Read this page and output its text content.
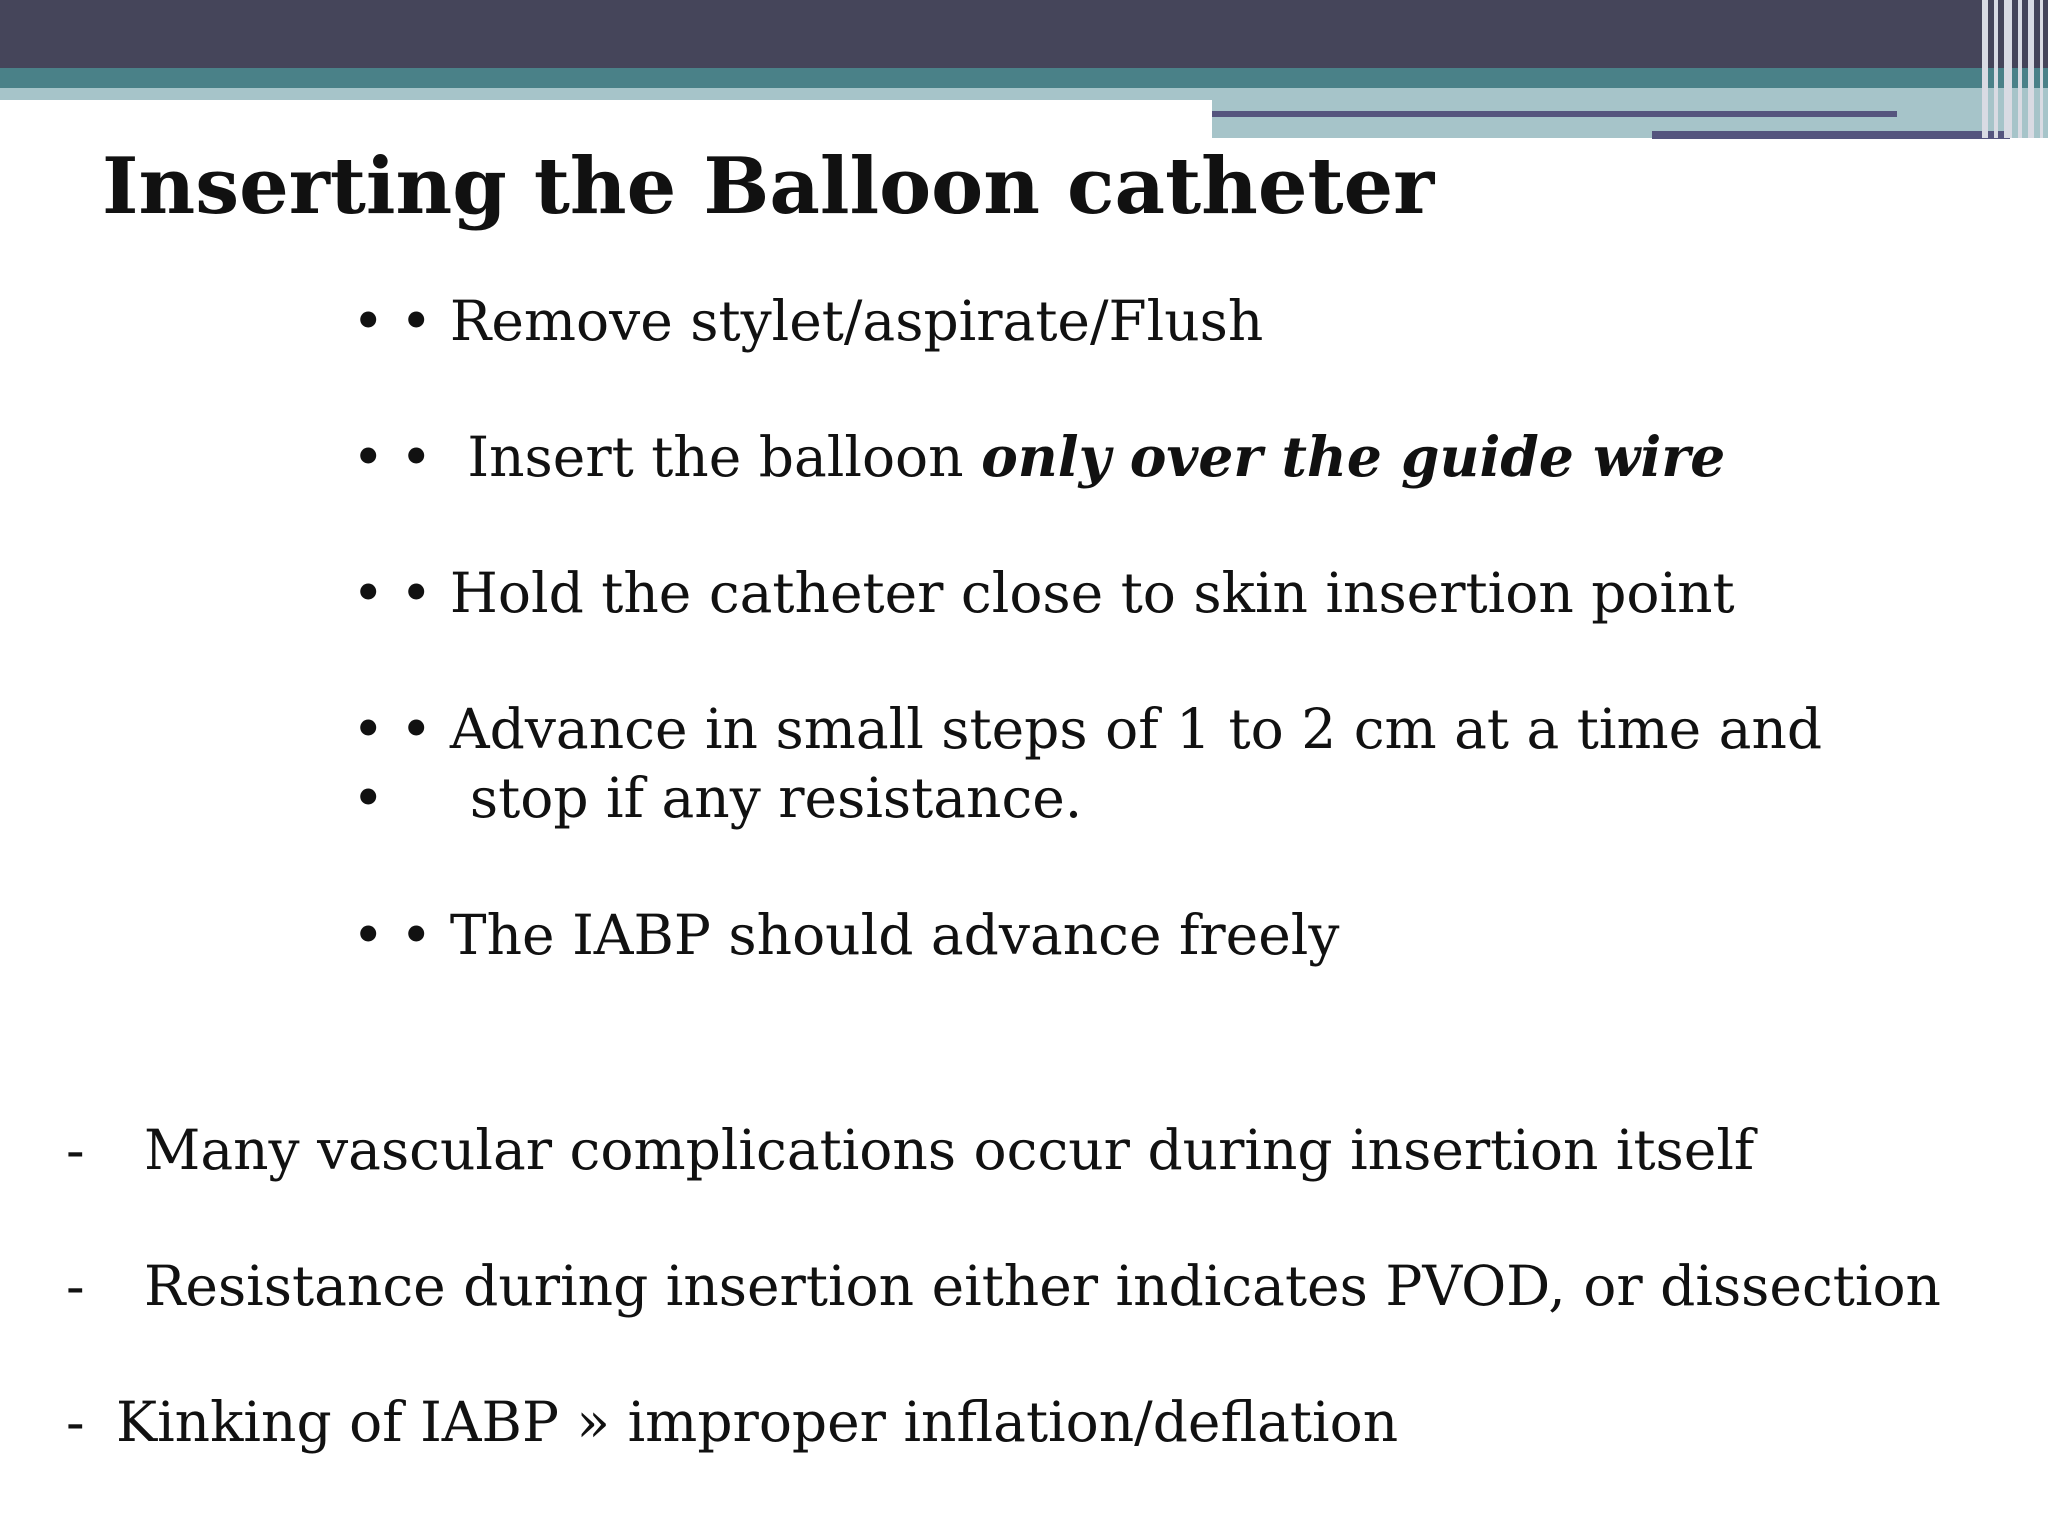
Inserting the Balloon catheter
• • Remove stylet/aspirate/Flush
• •  Insert the balloon only over the guide wire
• • Hold the catheter close to skin insertion point
• • Advance in small steps of 1 to 2 cm at a time and
•    stop if any resistance.
• • The IABP should advance freely
- Many vascular complications occur during insertion itself
- Resistance during insertion either indicates PVOD, or dissection
- Kinking of IABP » improper inflation/deflation
